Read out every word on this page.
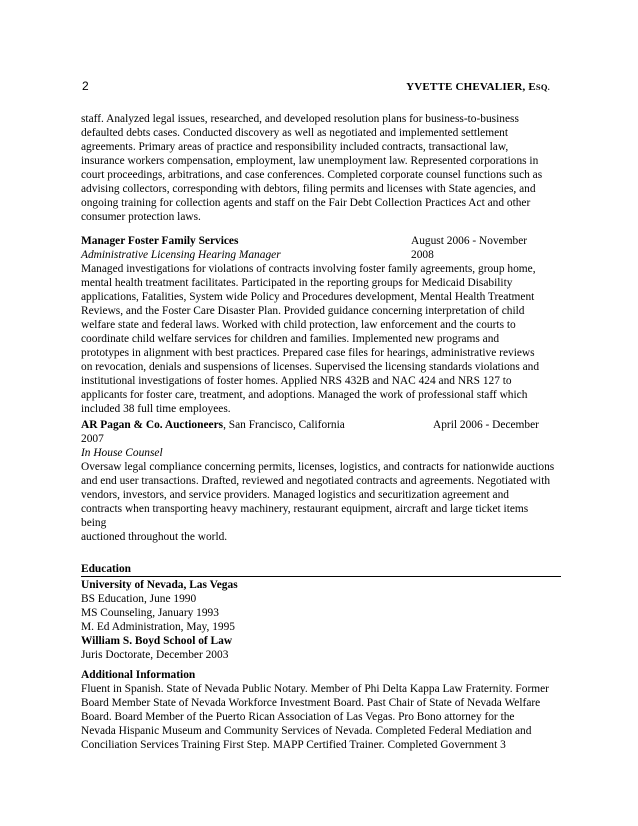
2	YVETTE CHEVALIER, ESQ.
staff. Analyzed legal issues, researched, and developed resolution plans for business-to-business
defaulted debts cases. Conducted discovery as well as negotiated and implemented settlement
agreements. Primary areas of practice and responsibility included contracts, transactional law,
insurance workers compensation, employment, law unemployment law. Represented corporations in
court proceedings, arbitrations, and case conferences. Completed corporate counsel functions such as
advising collectors, corresponding with debtors, filing permits and licenses with State agencies, and
ongoing training for collection agents and staff on the Fair Debt Collection Practices Act and other
consumer protection laws.
Manager Foster Family Services	August 2006 - November 2008
Administrative Licensing Hearing Manager
Managed investigations for violations of contracts involving foster family agreements, group home,
mental health treatment facilitates. Participated in the reporting groups for Medicaid Disability
applications, Fatalities, System wide Policy and Procedures development, Mental Health Treatment
Reviews, and the Foster Care Disaster Plan. Provided guidance concerning interpretation of child
welfare state and federal laws. Worked with child protection, law enforcement and the courts to
coordinate child welfare services for children and families. Implemented new programs and
prototypes in alignment with best practices. Prepared case files for hearings, administrative reviews
on revocation, denials and suspensions of licenses. Supervised the licensing standards violations and
institutional investigations of foster homes. Applied NRS 432B and NAC 424 and NRS 127 to
applicants for foster care, treatment, and adoptions. Managed the work of professional staff which
included 38 full time employees.
AR Pagan & Co. Auctioneers, San Francisco, California	April 2006 - December
2007
In House Counsel
Oversaw legal compliance concerning permits, licenses, logistics, and contracts for nationwide auctions
and end user transactions. Drafted, reviewed and negotiated contracts and agreements. Negotiated with
vendors, investors, and service providers. Managed logistics and securitization agreement and
contracts when transporting heavy machinery, restaurant equipment, aircraft and large ticket items
being
auctioned throughout the world.
Education
University of Nevada, Las Vegas
BS Education, June 1990
MS Counseling, January 1993
M. Ed Administration, May, 1995
William S. Boyd School of Law
Juris Doctorate, December 2003
Additional Information
Fluent in Spanish. State of Nevada Public Notary. Member of Phi Delta Kappa Law Fraternity. Former
Board Member State of Nevada Workforce Investment Board. Past Chair of State of Nevada Welfare
Board. Board Member of the Puerto Rican Association of Las Vegas. Pro Bono attorney for the
Nevada Hispanic Museum and Community Services of Nevada. Completed Federal Mediation and
Conciliation Services Training First Step. MAPP Certified Trainer. Completed Government 3
